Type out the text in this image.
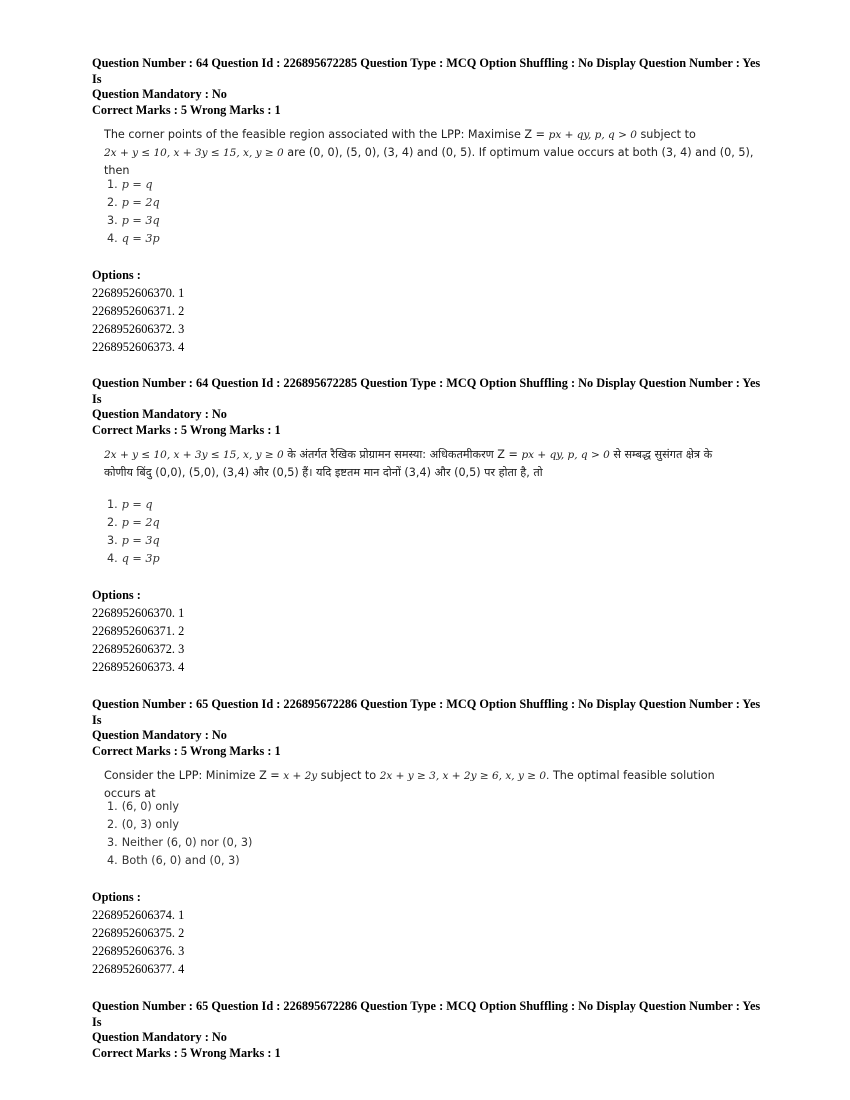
Question Number : 64 Question Id : 226895672285 Question Type : MCQ Option Shuffling : No Display Question Number : Yes Is
Question Mandatory : No
Correct Marks : 5 Wrong Marks : 1
The corner points of the feasible region associated with the LPP: Maximise Z = px + qy, p, q > 0 subject to
2x + y ≤ 10, x + 3y ≤ 15, x, y ≥ 0 are (0, 0), (5, 0), (3, 4) and (0, 5). If optimum value occurs at both (3, 4) and (0, 5), then
1. p = q
2. p = 2q
3. p = 3q
4. q = 3p
Options :
2268952606370. 1
2268952606371. 2
2268952606372. 3
2268952606373. 4
Question Number : 64 Question Id : 226895672285 Question Type : MCQ Option Shuffling : No Display Question Number : Yes Is
Question Mandatory : No
Correct Marks : 5 Wrong Marks : 1
2x + y ≤ 10, x + 3y ≤ 15, x, y ≥ 0 के अंतर्गत रैखिक प्रोग्रामन समस्या: अधिकतमीकरण Z = px + qy, p, q > 0 से सम्बद्ध सुसंगत क्षेत्र के
कोणीय बिंदु (0,0), (5,0), (3,4) और (0,5) हैं। यदि इष्टतम मान दोनों (3,4) और (0,5) पर होता है, तो
1. p = q
2. p = 2q
3. p = 3q
4. q = 3p
Options :
2268952606370. 1
2268952606371. 2
2268952606372. 3
2268952606373. 4
Question Number : 65 Question Id : 226895672286 Question Type : MCQ Option Shuffling : No Display Question Number : Yes Is
Question Mandatory : No
Correct Marks : 5 Wrong Marks : 1
Consider the LPP: Minimize Z = x + 2y subject to 2x + y ≥ 3, x + 2y ≥ 6, x, y ≥ 0. The optimal feasible solution occurs at
1. (6, 0) only
2. (0, 3) only
3. Neither (6, 0) nor (0, 3)
4. Both (6, 0) and (0, 3)
Options :
2268952606374. 1
2268952606375. 2
2268952606376. 3
2268952606377. 4
Question Number : 65 Question Id : 226895672286 Question Type : MCQ Option Shuffling : No Display Question Number : Yes Is
Question Mandatory : No
Correct Marks : 5 Wrong Marks : 1
